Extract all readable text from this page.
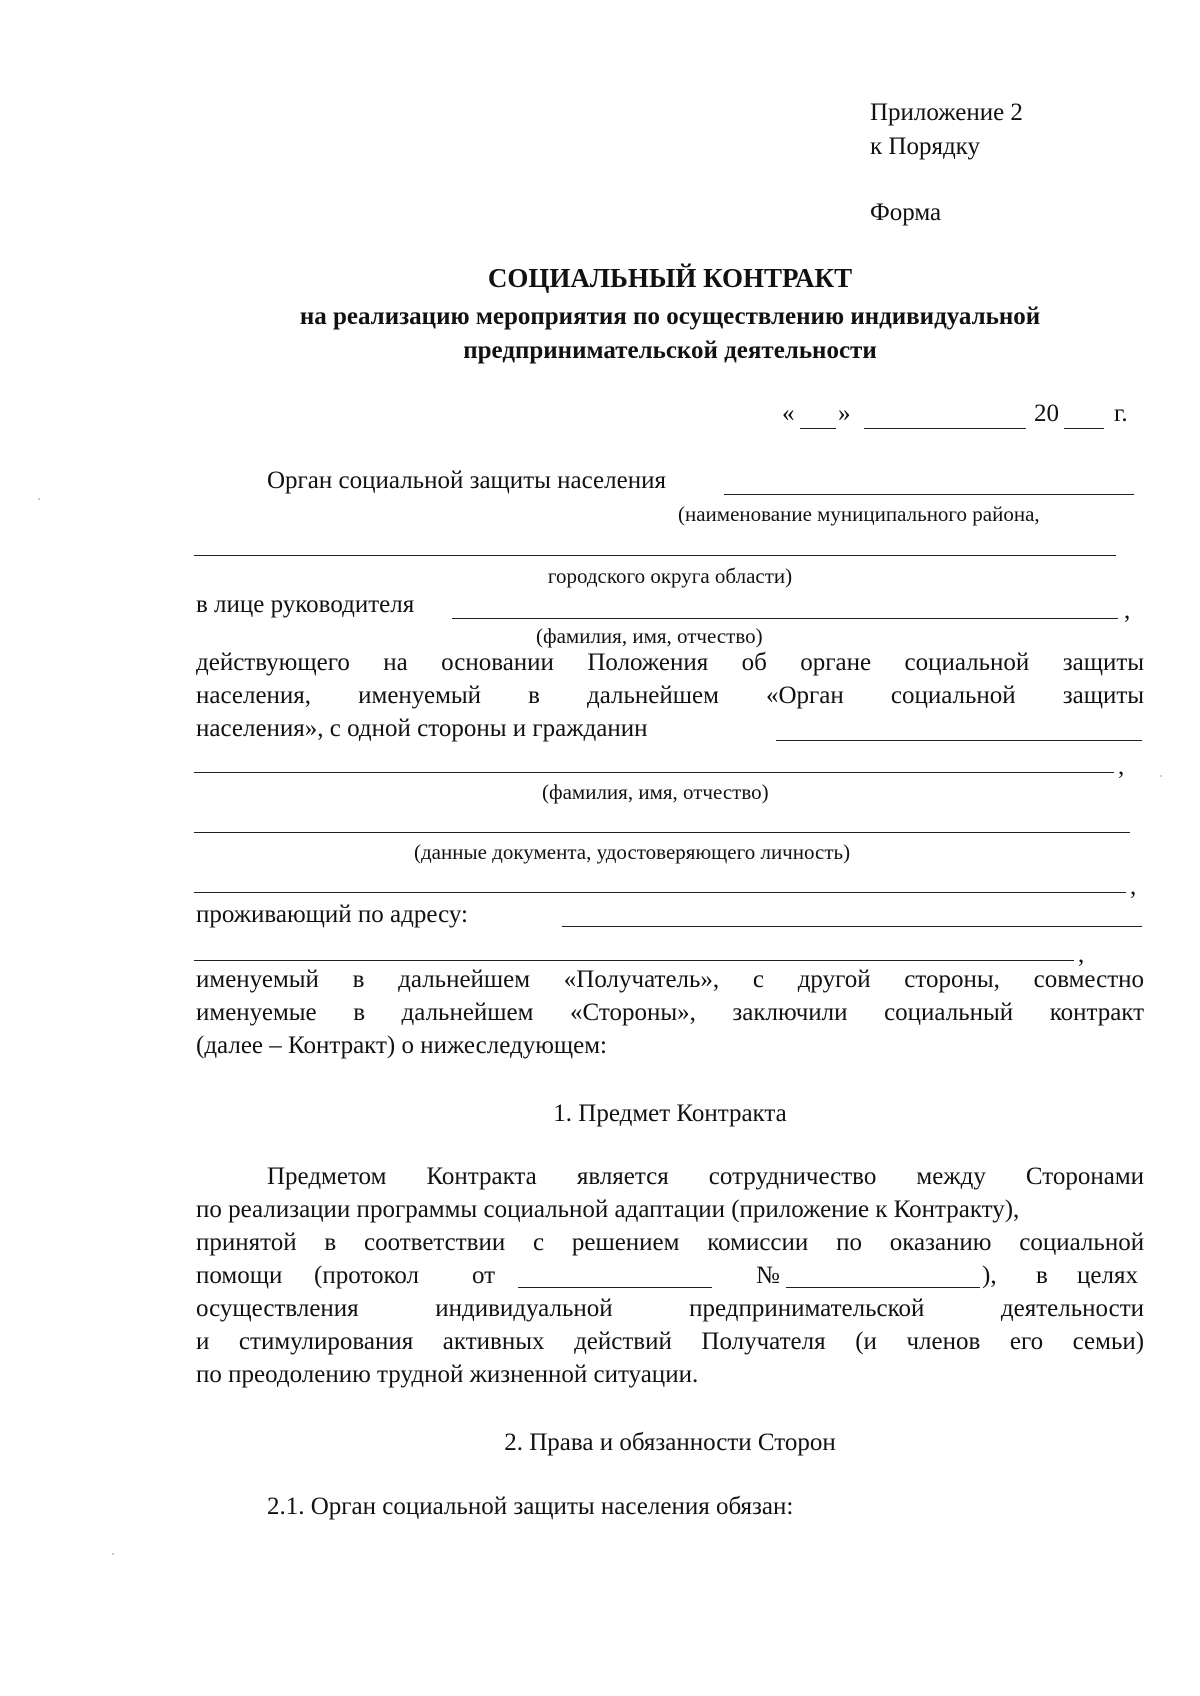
Приложение 2
к Порядку
Форма
СОЦИАЛЬНЫЙ КОНТРАКТ
на реализацию мероприятия по осуществлению индивидуальной
предпринимательской деятельности
« »	20 г.
Орган социальной защиты населения
(наименование муниципального района,
городского округа области)
в лице руководителя	,
(фамилия, имя, отчество)
действующего на основании Положения об органе социальной защиты
населения, именуемый в дальнейшем «Орган социальной защиты
населения», с одной стороны и гражданин
,
(фамилия, имя, отчество)
(данные документа, удостоверяющего личность)
,
проживающий по адресу:
,
именуемый в дальнейшем «Получатель», с другой стороны, совместно
именуемые в дальнейшем «Стороны», заключили социальный контракт
(далее – Контракт) о нижеследующем:
1. Предмет Контракта
Предметом Контракта является сотрудничество между Сторонами
по реализации программы социальной адаптации (приложение к Контракту),
принятой в соответствии с решением комиссии по оказанию социальной
помощи (протокол от	№	), в целях
осуществления	индивидуальной	предпринимательской	деятельности
и стимулирования активных действий Получателя (и членов его семьи)
по преодолению трудной жизненной ситуации.
2. Права и обязанности Сторон
2.1. Орган социальной защиты населения обязан:
